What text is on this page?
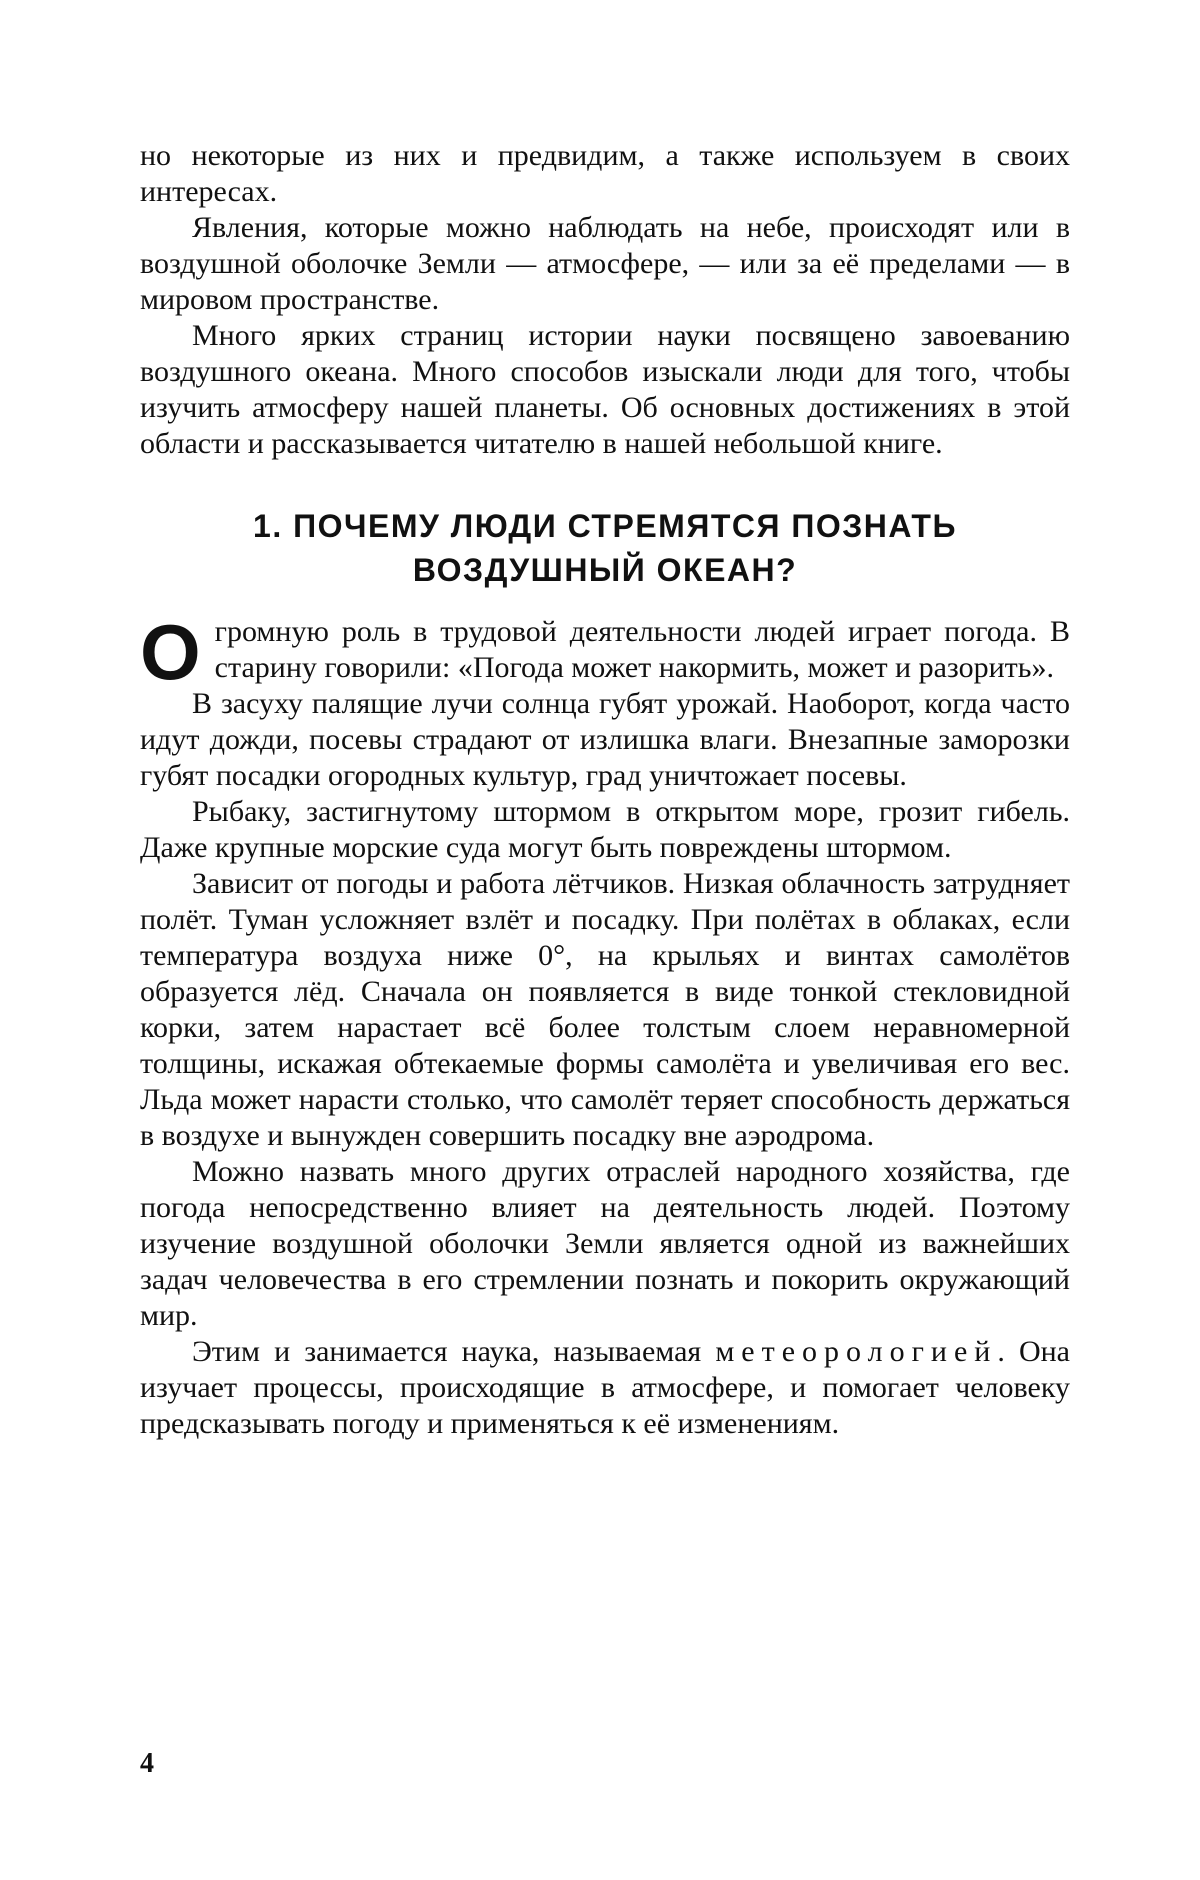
но некоторые из них и предвидим, а также используем в своих интересах.

Явления, которые можно наблюдать на небе, происходят или в воздушной оболочке Земли — атмосфере, — или за её пределами — в мировом пространстве.

Много ярких страниц истории науки посвящено завоеванию воздушного океана. Много способов изыскали люди для того, чтобы изучить атмосферу нашей планеты. Об основных достижениях в этой области и рассказывается читателю в нашей небольшой книге.

1. ПОЧЕМУ ЛЮДИ СТРЕМЯТСЯ ПОЗНАТЬ
ВОЗДУШНЫЙ ОКЕАН?

Огромную роль в трудовой деятельности людей играет погода. В старину говорили: «Погода может накормить, может и разорить».

В засуху палящие лучи солнца губят урожай. Наоборот, когда часто идут дожди, посевы страдают от излишка влаги. Внезапные заморозки губят посадки огородных культур, град уничтожает посевы.

Рыбаку, застигнутому штормом в открытом море, грозит гибель. Даже крупные морские суда могут быть повреждены штормом.

Зависит от погоды и работа лётчиков. Низкая облачность затрудняет полёт. Туман усложняет взлёт и посадку. При полётах в облаках, если температура воздуха ниже 0°, на крыльях и винтах самолётов образуется лёд. Сначала он появляется в виде тонкой стекловидной корки, затем нарастает всё более толстым слоем неравномерной толщины, искажая обтекаемые формы самолёта и увеличивая его вес. Льда может нарасти столько, что самолёт теряет способность держаться в воздухе и вынужден совершить посадку вне аэродрома.

Можно назвать много других отраслей народного хозяйства, где погода непосредственно влияет на деятельность людей. Поэтому изучение воздушной оболочки Земли является одной из важнейших задач человечества в его стремлении познать и покорить окружающий мир.

Этим и занимается наука, называемая метеорологией. Она изучает процессы, происходящие в атмосфере, и помогает человеку предсказывать погоду и применяться к её изменениям.

4
